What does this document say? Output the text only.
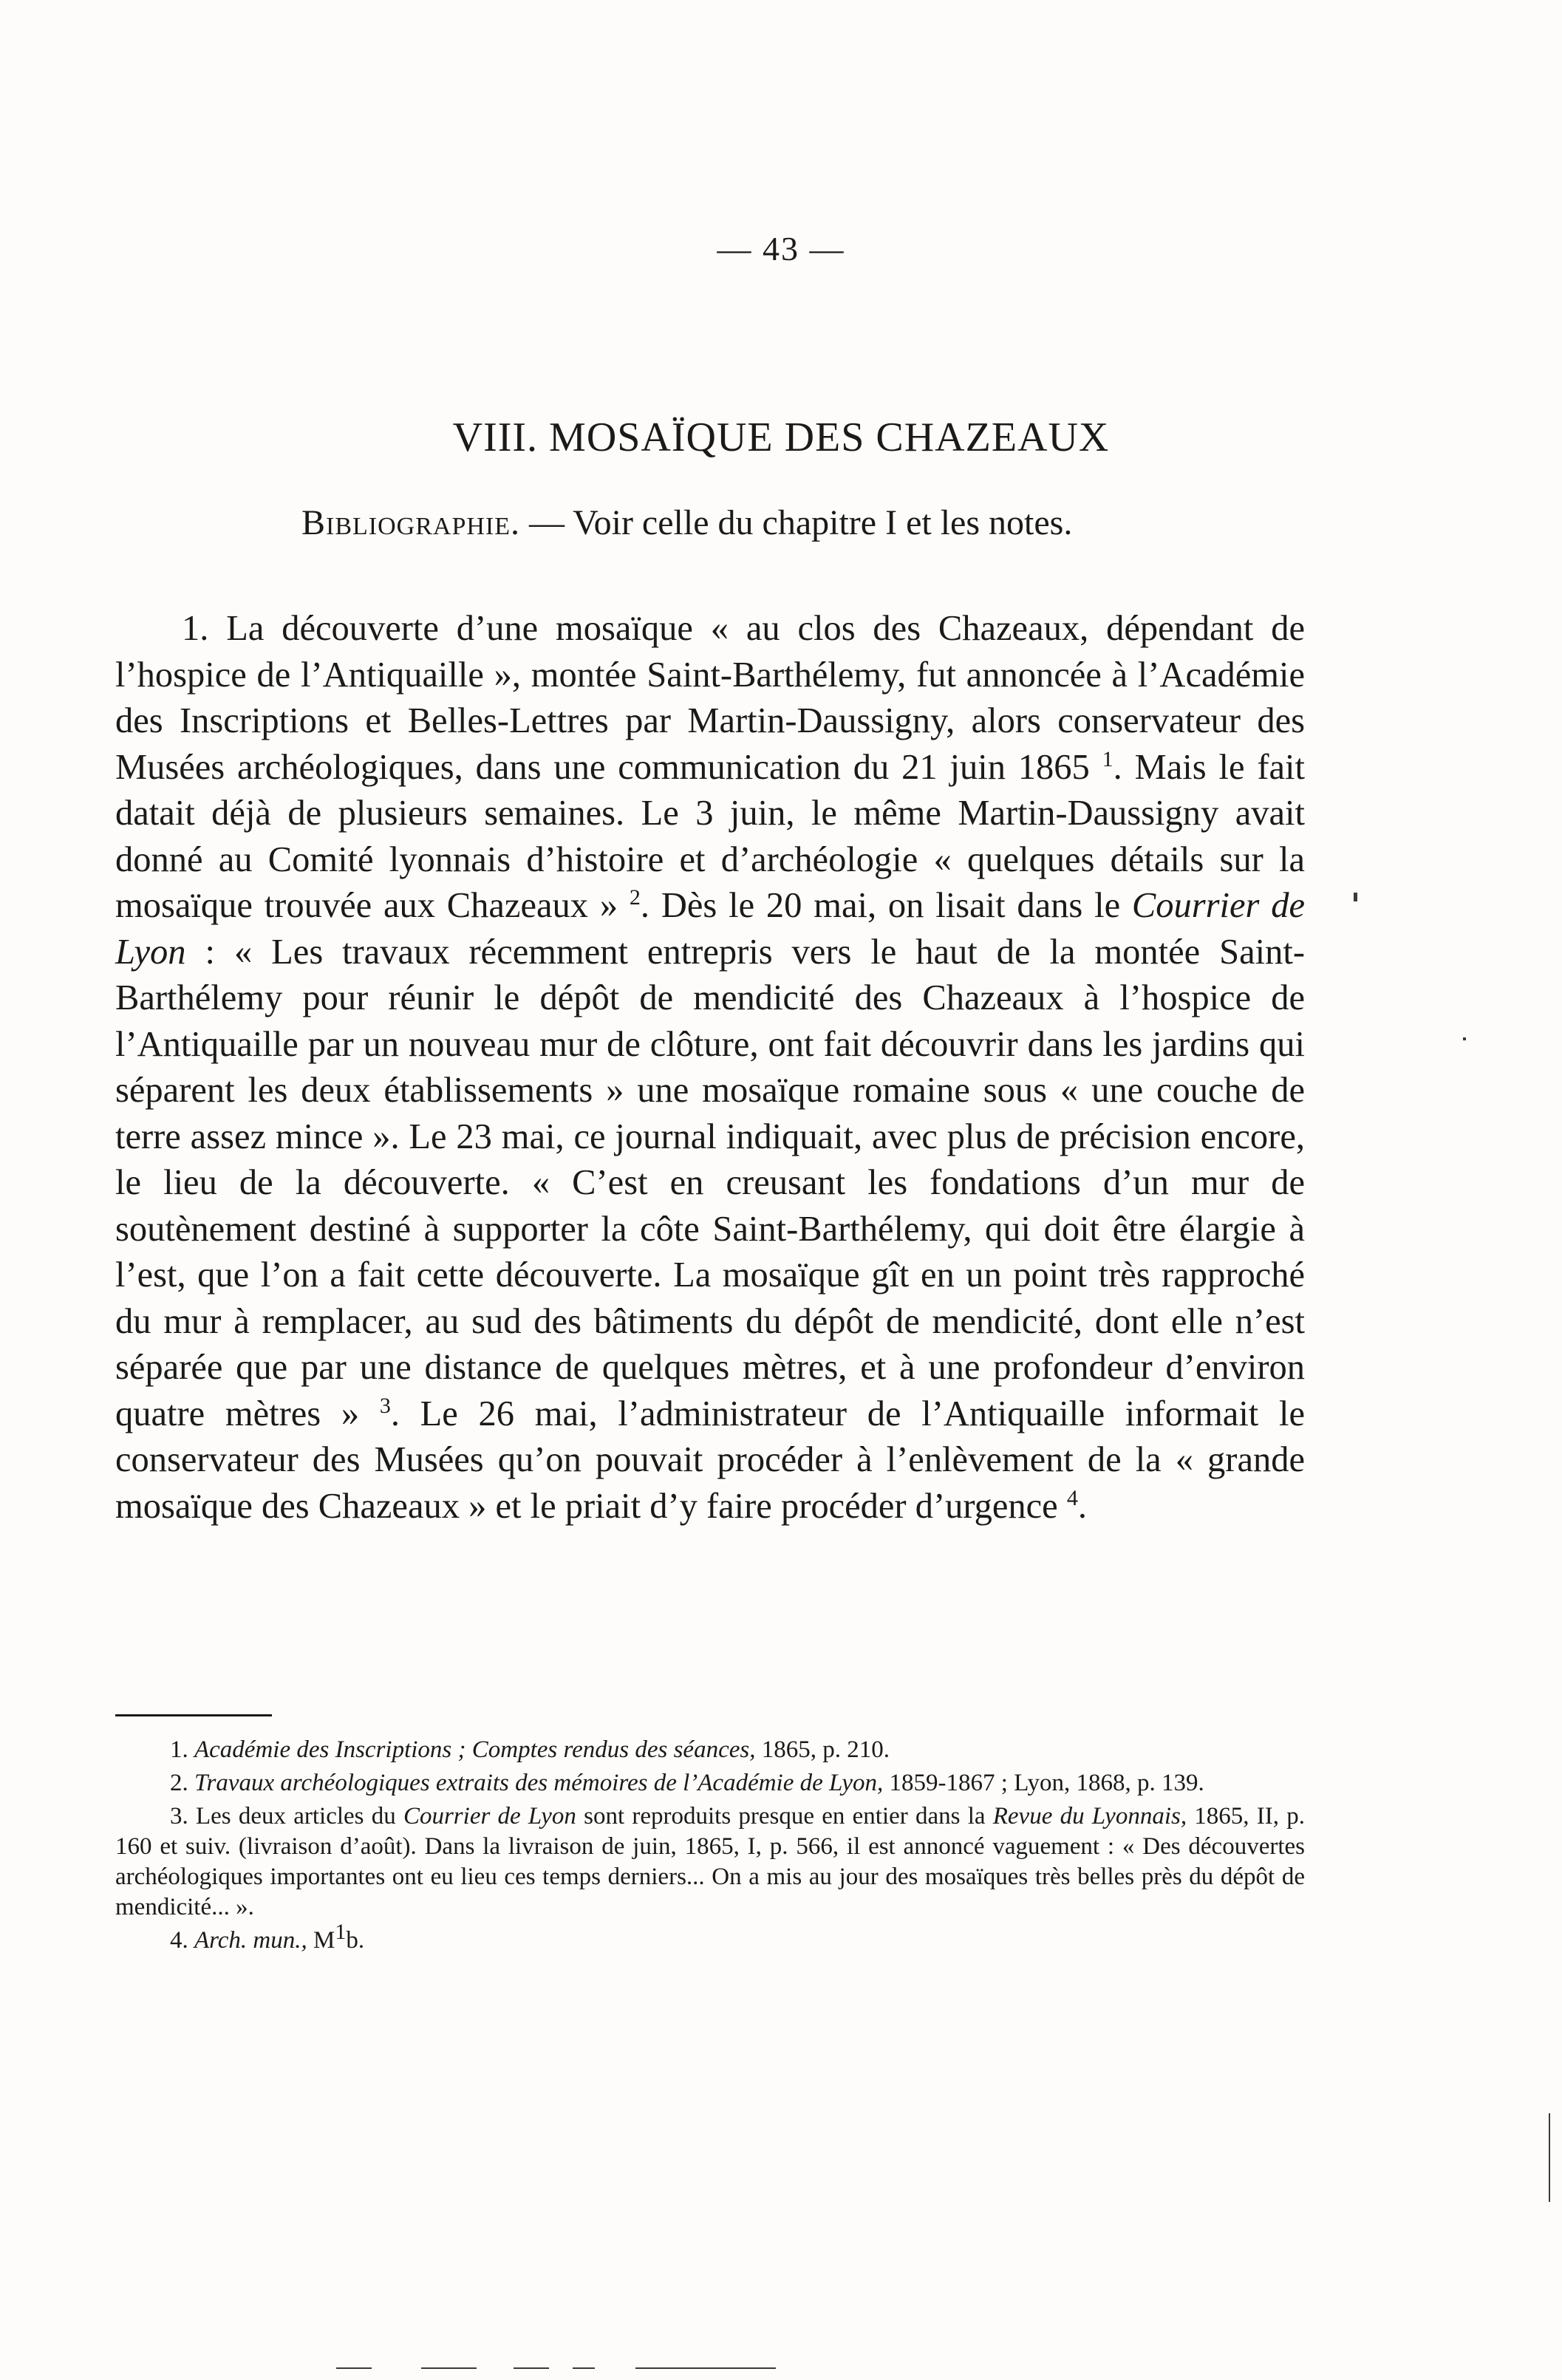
— 43 —
VIII. MOSAÏQUE DES CHAZEAUX
Bibliographie. — Voir celle du chapitre I et les notes.

1. La découverte d’une mosaïque « au clos des Chazeaux, dépendant de l’hospice de l’Antiquaille », montée Saint-Barthélemy, fut annoncée à l’Académie des Inscriptions et Belles-Lettres par Martin-Daussigny, alors conservateur des Musées archéologiques, dans une communication du 21 juin 1865 $^1$. Mais le fait datait déjà de plusieurs semaines. Le 3 juin, le même Martin-Daussigny avait donné au Comité lyonnais d’histoire et d’archéologie « quelques détails sur la mosaïque trouvée aux Chazeaux » $^2$. Dès le 20 mai, on lisait dans le Courrier de Lyon : « Les travaux récemment entrepris vers le haut de la montée Saint-Barthélemy pour réunir le dépôt de mendicité des Chazeaux à l’hospice de l’Antiquaille par un nouveau mur de clôture, ont fait découvrir dans les jardins qui séparent les deux établissements » une mosaïque romaine sous « une couche de terre assez mince ». Le 23 mai, ce journal indiquait, avec plus de précision encore, le lieu de la découverte. « C’est en creusant les fondations d’un mur de soutènement destiné à supporter la côte Saint-Barthélemy, qui doit être élargie à l’est, que l’on a fait cette découverte. La mosaïque gît en un point très rapproché du mur à remplacer, au sud des bâtiments du dépôt de mendicité, dont elle n’est séparée que par une distance de quelques mètres, et à une profondeur d’environ quatre mètres » $^3$. Le 26 mai, l’administrateur de l’Antiquaille informait le conservateur des Musées qu’on pouvait procéder à l’enlèvement de la « grande mosaïque des Chazeaux » et le priait d’y faire procéder d’urgence $^4$.

1. Académie des Inscriptions ; Comptes rendus des séances, 1865, p. 210.

2. Travaux archéologiques extraits des mémoires de l’Académie de Lyon, 1859-1867 ; Lyon, 1868, p. 139.

3. Les deux articles du Courrier de Lyon sont reproduits presque en entier dans la Revue du Lyonnais, 1865, II, p. 160 et suiv. (livraison d’août). Dans la livraison de juin, 1865, I, p. 566, il est annoncé vaguement : « Des découvertes archéologiques importantes ont eu lieu ces temps derniers... On a mis au jour des mosaïques très belles près du dépôt de mendicité... ».

4. Arch. mun., $M^1b$.
